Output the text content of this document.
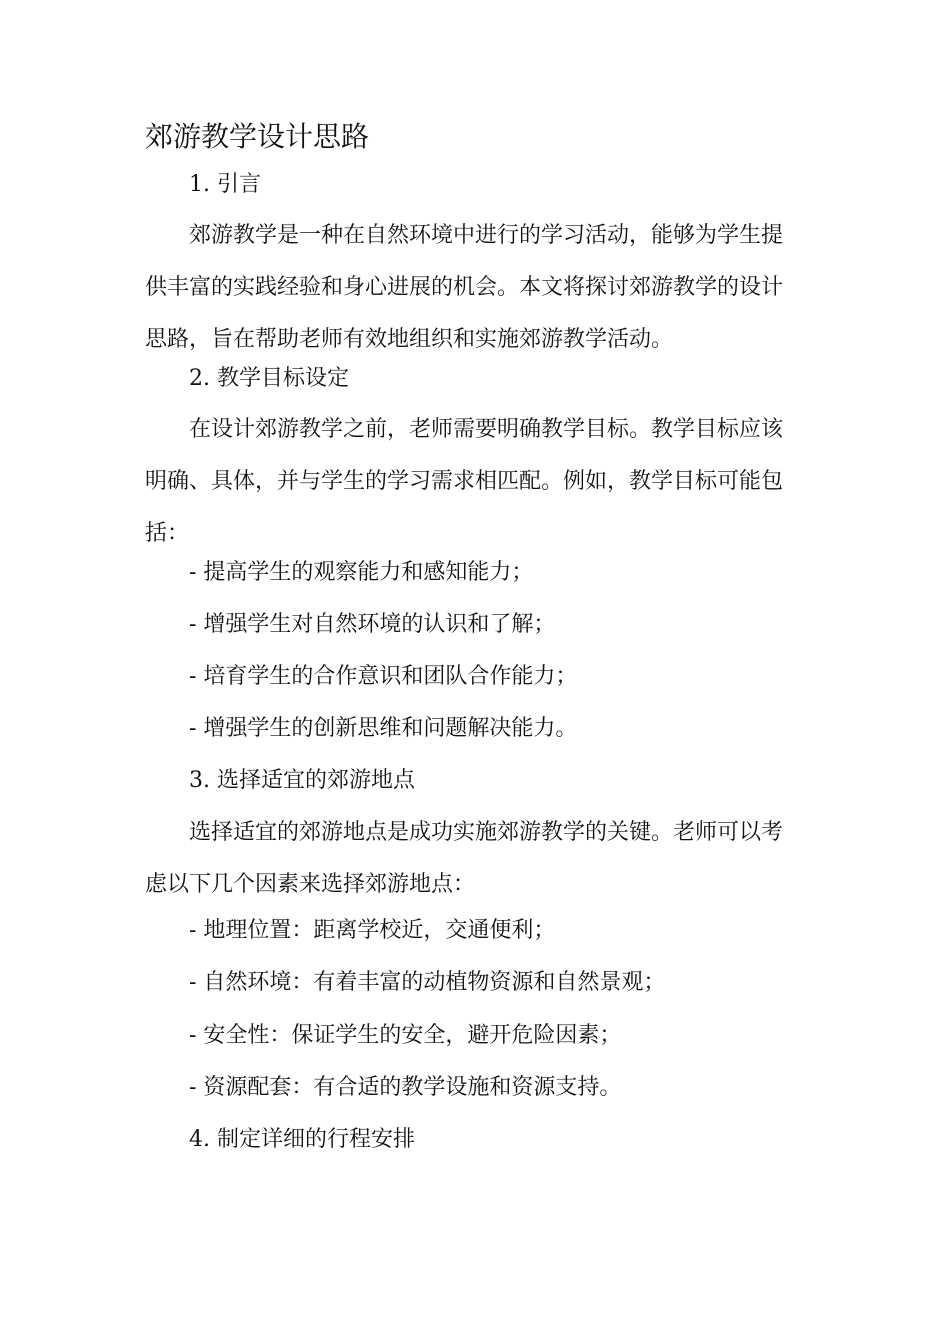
郊游教学设计思路

1. 引言

郊游教学是一种在自然环境中进行的学习活动，能够为学生提
供丰富的实践经验和身心进展的机会。本文将探讨郊游教学的设计
思路，旨在帮助老师有效地组织和实施郊游教学活动。

2. 教学目标设定

在设计郊游教学之前，老师需要明确教学目标。教学目标应该
明确、具体，并与学生的学习需求相匹配。例如，教学目标可能包
括：

- 提高学生的观察能力和感知能力；

- 增强学生对自然环境的认识和了解；

- 培育学生的合作意识和团队合作能力；

- 增强学生的创新思维和问题解决能力。

3. 选择适宜的郊游地点

选择适宜的郊游地点是成功实施郊游教学的关键。老师可以考
虑以下几个因素来选择郊游地点：

- 地理位置：距离学校近，交通便利；

- 自然环境：有着丰富的动植物资源和自然景观；

- 安全性：保证学生的安全，避开危险因素；

- 资源配套：有合适的教学设施和资源支持。

4. 制定详细的行程安排
